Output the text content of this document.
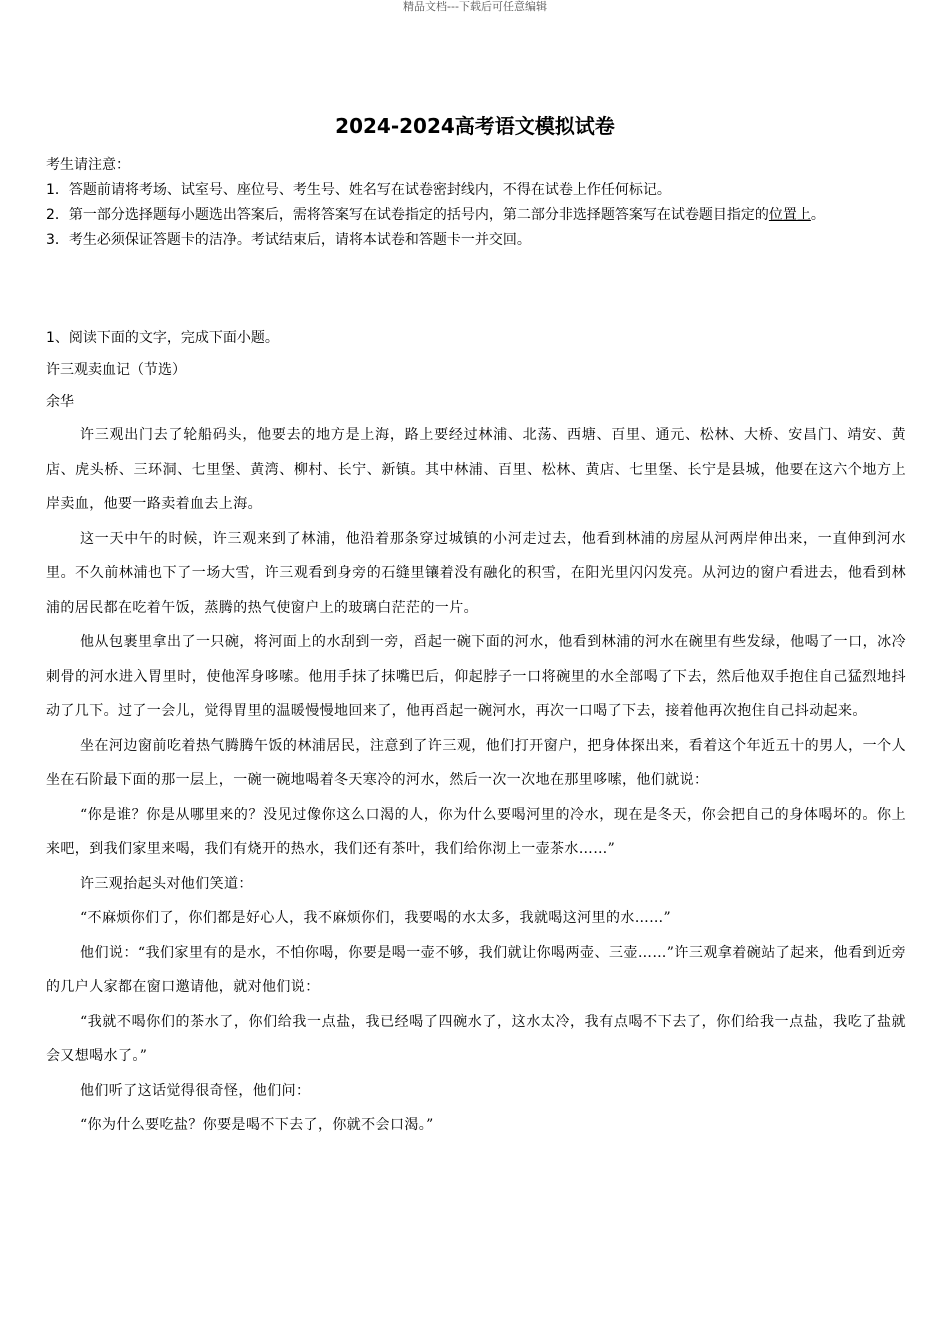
精品文档---下载后可任意编辑
2024-2024高考语文模拟试卷

考生请注意：

1．答题前请将考场、试室号、座位号、考生号、姓名写在试卷密封线内，不得在试卷上作任何标记。

2．第一部分选择题每小题选出答案后，需将答案写在试卷指定的括号内，第二部分非选择题答案写在试卷题目指定的位置上。

3．考生必须保证答题卡的洁净。考试结束后，请将本试卷和答题卡一并交回。

1、阅读下面的文字，完成下面小题。

许三观卖血记（节选）

余华

许三观出门去了轮船码头，他要去的地方是上海，路上要经过林浦、北荡、西塘、百里、通元、松林、大桥、安昌门、靖安、黄店、虎头桥、三环洞、七里堡、黄湾、柳村、长宁、新镇。其中林浦、百里、松林、黄店、七里堡、长宁是县城，他要在这六个地方上岸卖血，他要一路卖着血去上海。

这一天中午的时候，许三观来到了林浦，他沿着那条穿过城镇的小河走过去，他看到林浦的房屋从河两岸伸出来，一直伸到河水里。不久前林浦也下了一场大雪，许三观看到身旁的石缝里镶着没有融化的积雪，在阳光里闪闪发亮。从河边的窗户看进去，他看到林浦的居民都在吃着午饭，蒸腾的热气使窗户上的玻璃白茫茫的一片。

他从包裹里拿出了一只碗，将河面上的水刮到一旁，舀起一碗下面的河水，他看到林浦的河水在碗里有些发绿，他喝了一口，冰冷刺骨的河水进入胃里时，使他浑身哆嗦。他用手抹了抹嘴巴后，仰起脖子一口将碗里的水全部喝了下去，然后他双手抱住自己猛烈地抖动了几下。过了一会儿，觉得胃里的温暖慢慢地回来了，他再舀起一碗河水，再次一口喝了下去，接着他再次抱住自己抖动起来。

坐在河边窗前吃着热气腾腾午饭的林浦居民，注意到了许三观，他们打开窗户，把身体探出来，看着这个年近五十的男人，一个人坐在石阶最下面的那一层上，一碗一碗地喝着冬天寒冷的河水，然后一次一次地在那里哆嗦，他们就说：

“你是谁？你是从哪里来的？没见过像你这么口渴的人，你为什么要喝河里的冷水，现在是冬天，你会把自己的身体喝坏的。你上来吧，到我们家里来喝，我们有烧开的热水，我们还有茶叶，我们给你沏上一壶茶水……”

许三观抬起头对他们笑道：

“不麻烦你们了，你们都是好心人，我不麻烦你们，我要喝的水太多，我就喝这河里的水……”

他们说：“我们家里有的是水，不怕你喝，你要是喝一壶不够，我们就让你喝两壶、三壶……”许三观拿着碗站了起来，他看到近旁的几户人家都在窗口邀请他，就对他们说：

“我就不喝你们的茶水了，你们给我一点盐，我已经喝了四碗水了，这水太冷，我有点喝不下去了，你们给我一点盐，我吃了盐就会又想喝水了。”

他们听了这话觉得很奇怪，他们问：

“你为什么要吃盐？你要是喝不下去了，你就不会口渴。”
